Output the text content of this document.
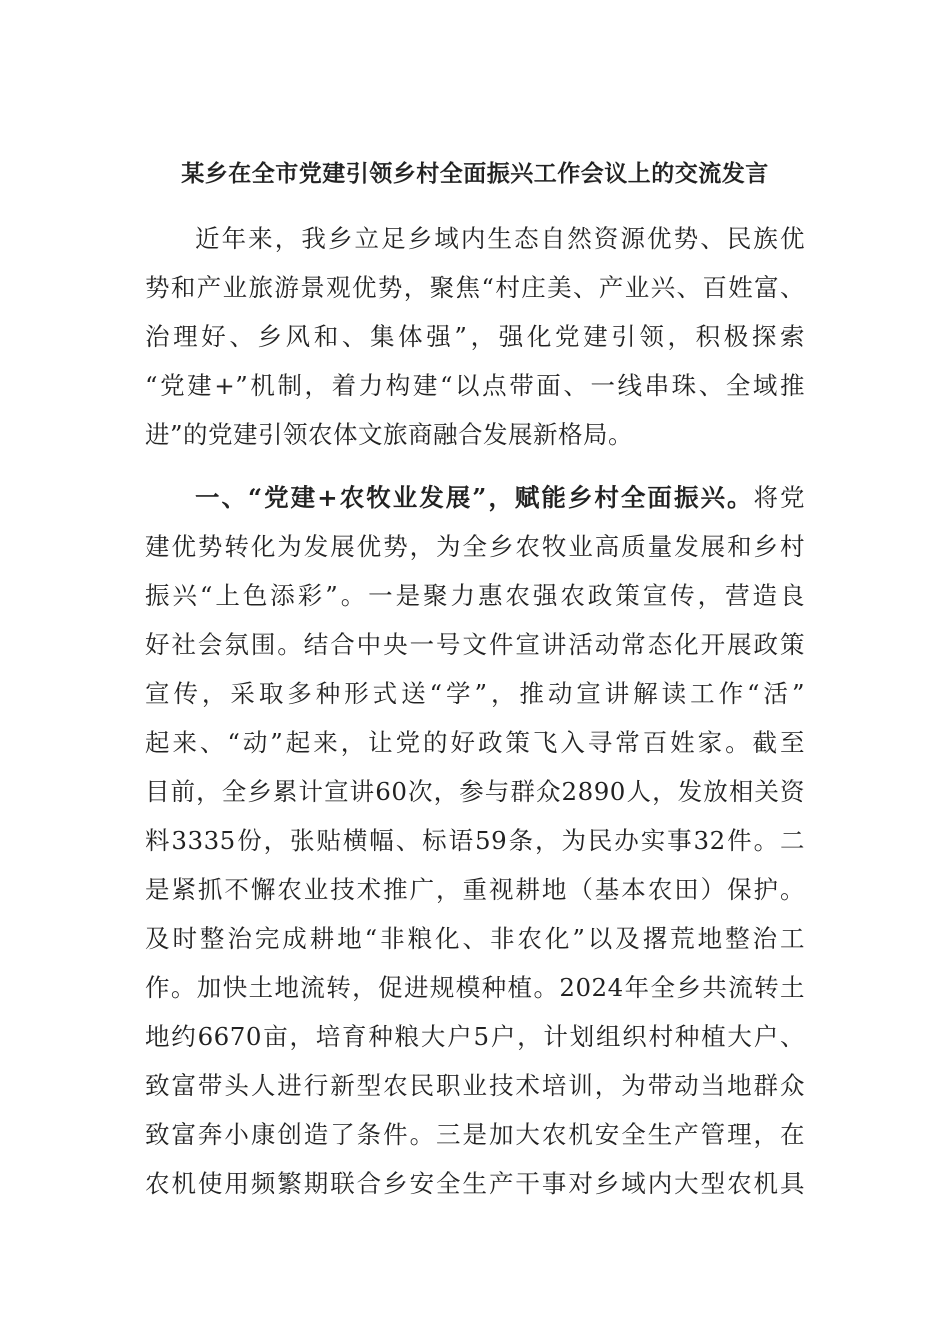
某乡在全市党建引领乡村全面振兴工作会议上的交流发言
近年来，我乡立足乡域内生态自然资源优势、民族优
势和产业旅游景观优势，聚焦“村庄美、产业兴、百姓富、
治理好、乡风和、集体强”，强化党建引领，积极探索
“党建+”机制，着力构建“以点带面、一线串珠、全域推
进”的党建引领农体文旅商融合发展新格局。
一、“党建+农牧业发展”，赋能乡村全面振兴。将党
建优势转化为发展优势，为全乡农牧业高质量发展和乡村
振兴“上色添彩”。一是聚力惠农强农政策宣传，营造良
好社会氛围。结合中央一号文件宣讲活动常态化开展政策
宣传，采取多种形式送“学”，推动宣讲解读工作“活”
起来、“动”起来，让党的好政策飞入寻常百姓家。截至
目前，全乡累计宣讲60次，参与群众2890人，发放相关资
料3335份，张贴横幅、标语59条，为民办实事32件。二
是紧抓不懈农业技术推广，重视耕地（基本农田）保护。
及时整治完成耕地“非粮化、非农化”以及撂荒地整治工
作。加快土地流转，促进规模种植。2024年全乡共流转土
地约6670亩，培育种粮大户5户，计划组织村种植大户、
致富带头人进行新型农民职业技术培训，为带动当地群众
致富奔小康创造了条件。三是加大农机安全生产管理，在
农机使用频繁期联合乡安全生产干事对乡域内大型农机具
